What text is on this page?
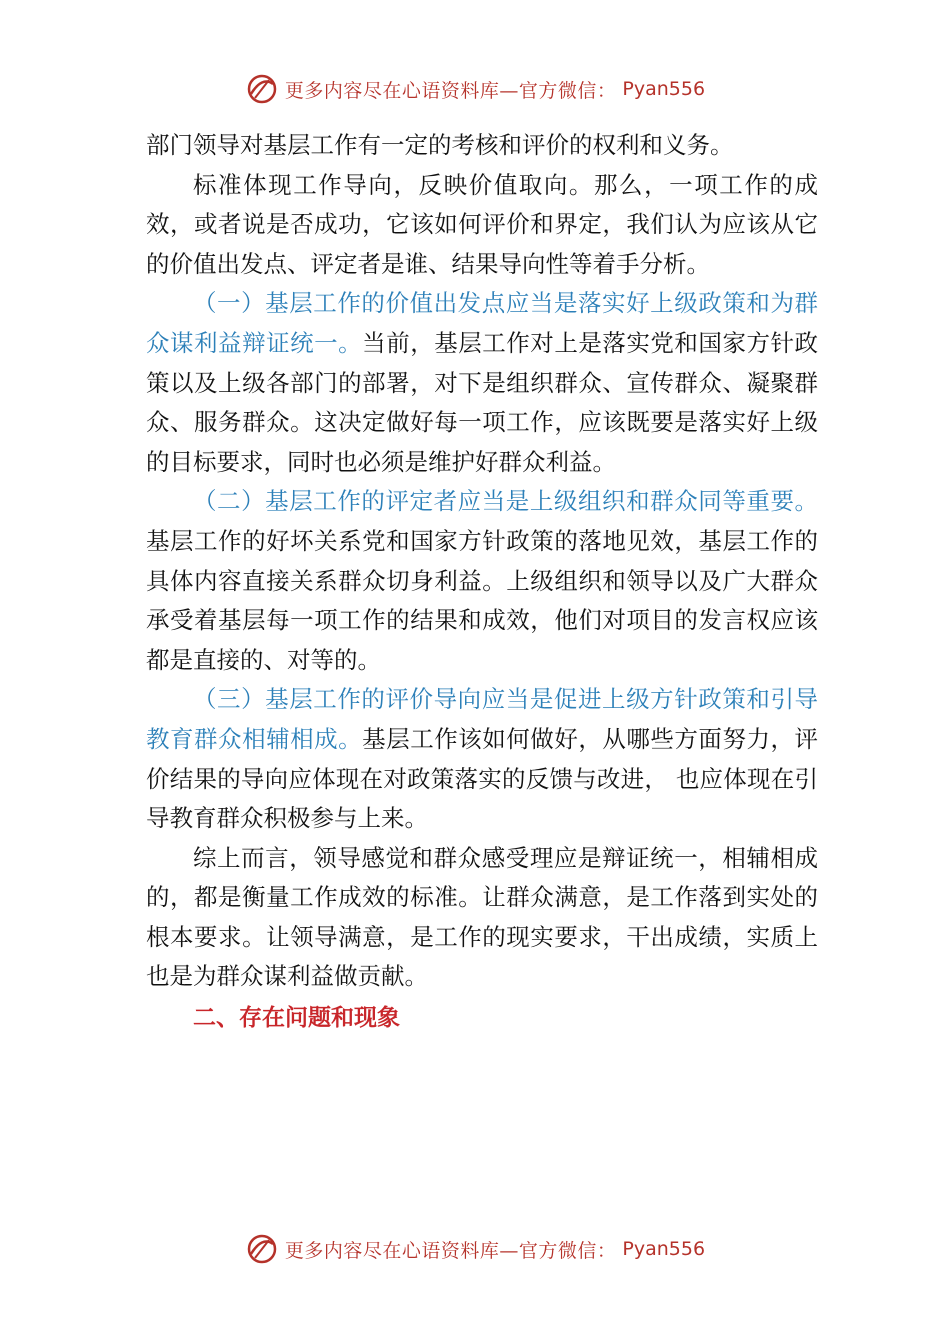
更多内容尽在心语资料库—官方微信： Pyan556

部门领导对基层工作有一定的考核和评价的权利和义务。

标准体现工作导向，反映价值取向。那么，一项工作的成效，或者说是否成功，它该如何评价和界定，我们认为应该从它的价值出发点、评定者是谁、结果导向性等着手分析。

（一）基层工作的价值出发点应当是落实好上级政策和为群众谋利益辩证统一。当前，基层工作对上是落实党和国家方针政策以及上级各部门的部署，对下是组织群众、宣传群众、凝聚群众、服务群众。这决定做好每一项工作，应该既要是落实好上级的目标要求，同时也必须是维护好群众利益。

（二）基层工作的评定者应当是上级组织和群众同等重要。基层工作的好坏关系党和国家方针政策的落地见效，基层工作的具体内容直接关系群众切身利益。上级组织和领导以及广大群众承受着基层每一项工作的结果和成效，他们对项目的发言权应该都是直接的、对等的。

（三）基层工作的评价导向应当是促进上级方针政策和引导教育群众相辅相成。基层工作该如何做好，从哪些方面努力，评价结果的导向应体现在对政策落实的反馈与改进， 也应体现在引导教育群众积极参与上来。

综上而言，领导感觉和群众感受理应是辩证统一，相辅相成的，都是衡量工作成效的标准。让群众满意，是工作落到实处的根本要求。让领导满意，是工作的现实要求，干出成绩，实质上也是为群众谋利益做贡献。

二、存在问题和现象

更多内容尽在心语资料库—官方微信： Pyan556
